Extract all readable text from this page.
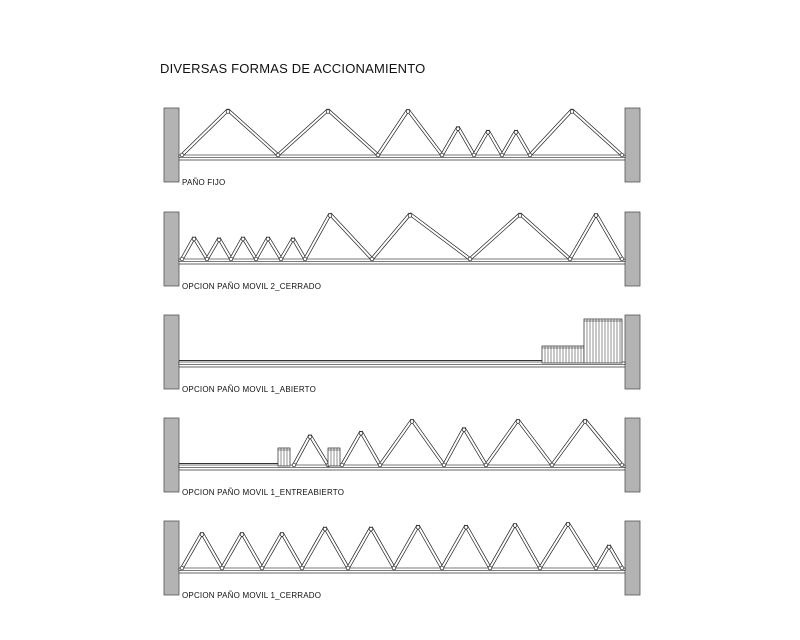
DIVERSAS FORMAS DE ACCIONAMIENTO
PAÑO FIJO
OPCION PAÑO MOVIL 2_CERRADO
OPCION PAÑO MOVIL 1_ABIERTO
OPCION PAÑO MOVIL 1_ENTREABIERTO
OPCION PAÑO MOVIL 1_CERRADO
